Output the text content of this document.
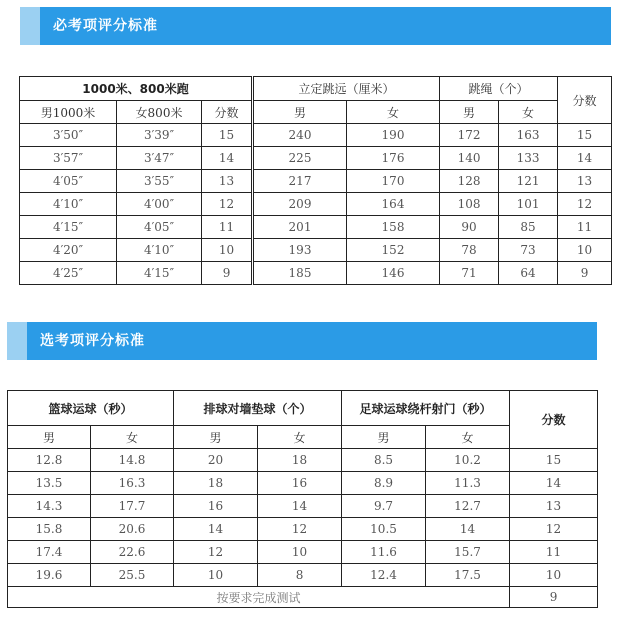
必考项评分标准
1000米、800米跑		
男1000米	女800米	分数
3′50″	3′39″	15
3′57″	3′47″	14
4′05″	3′55″	13
4′10″	4′00″	12
4′15″	4′05″	11
4′20″	4′10″	10
4′25″	4′15″	9
立定跳远（厘米）		跳绳（个）		分数
男	女	男	女	
240	190	172	163	15
225	176	140	133	14
217	170	128	121	13
209	164	108	101	12
201	158	90	85	11
193	152	78	73	10
185	146	71	64	9
选考项评分标准
篮球运球（秒）		排球对墙垫球（个）		足球运球绕杆射门（秒）		分数
男	女	男	女	男	女	
12.8	14.8	20	18	8.5	10.2	15
13.5	16.3	18	16	8.9	11.3	14
14.3	17.7	16	14	9.7	12.7	13
15.8	20.6	14	12	10.5	14	12
17.4	22.6	12	10	11.6	15.7	11
19.6	25.5	10	8	12.4	17.5	10
按要求完成测试						9
